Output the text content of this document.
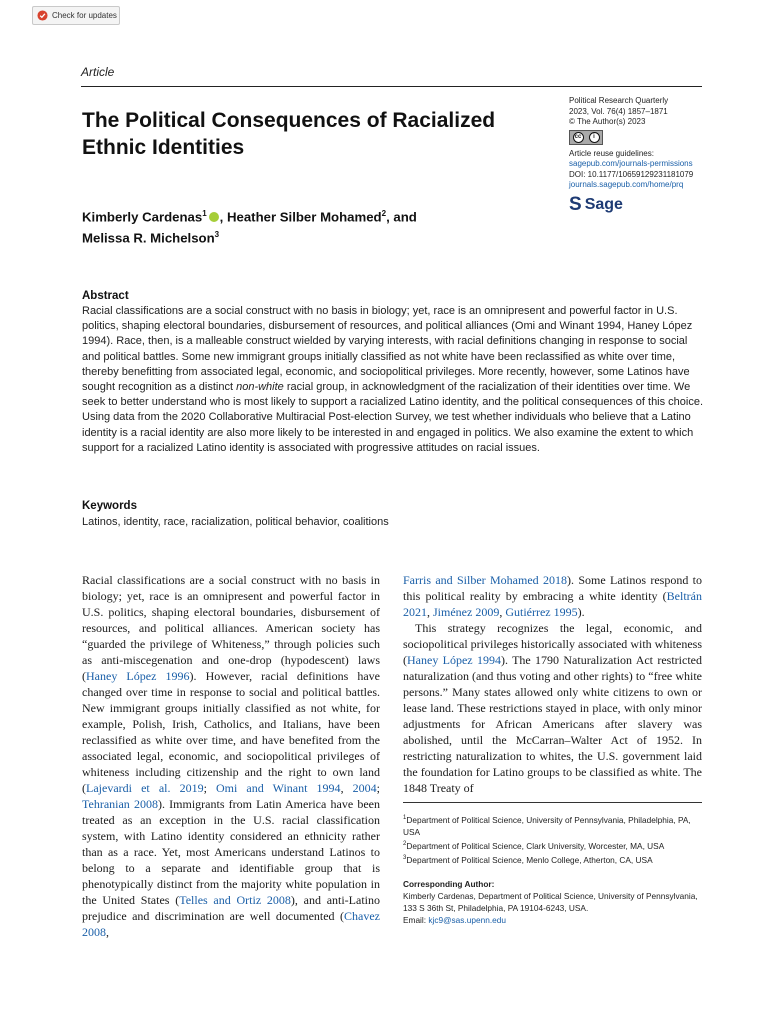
Check for updates
Article
The Political Consequences of Racialized
Ethnic Identities
Kimberly Cardenas$^1$ , Heather Silber Mohamed$^2$, and
Melissa R. Michelson$^3$
Political Research Quarterly
2023, Vol. 76(4) 1857–1871
© The Author(s) 2023
cc	i
Article reuse guidelines:
sagepub.com/journals-permissions
DOI: 10.1177/10659129231181079
journals.sagepub.com/home/prq
S Sage
Abstract
Racial classifications are a social construct with no basis in biology; yet, race is an omnipresent and powerful factor in U.S. politics, shaping electoral boundaries, disbursement of resources, and political alliances (Omi and Winant 1994, Haney López 1994). Race, then, is a malleable construct wielded by varying interests, with racial definitions changing in response to social and political battles. Some new immigrant groups initially classified as not white have been reclassified as white over time, thereby benefitting from associated legal, economic, and sociopolitical privileges. More recently, however, some Latinos have sought recognition as a distinct non-white racial group, in acknowledgment of the racialization of their identities over time. We seek to better understand who is most likely to support a racialized Latino identity, and the political consequences of this choice. Using data from the 2020 Collaborative Multiracial Post-election Survey, we test whether individuals who believe that a Latino identity is a racial identity are also more likely to be interested in and engaged in politics. We also examine the extent to which support for a racialized Latino identity is associated with progressive attitudes on racial issues.
Keywords
Latinos, identity, race, racialization, political behavior, coalitions
Racial classifications are a social construct with no basis in biology; yet, race is an omnipresent and powerful factor in U.S. politics, shaping electoral boundaries, disbursement of resources, and political alliances. American society has “guarded the privilege of Whiteness,” through policies such as anti-miscegenation and one-drop (hypodescent) laws (Haney López 1996). However, racial definitions have changed over time in response to social and political battles. New immigrant groups initially classified as not white, for example, Polish, Irish, Catholics, and Italians, have been reclassified as white over time, and have benefited from the associated legal, economic, and sociopolitical privileges of whiteness including citizenship and the right to own land (Lajevardi et al. 2019; Omi and Winant 1994, 2004; Tehranian 2008). Immigrants from Latin America have been treated as an exception in the U.S. racial classification system, with Latino identity considered an ethnicity rather than as a race. Yet, most Americans understand Latinos to belong to a separate and identifiable group that is phenotypically distinct from the majority white population in the United States (Telles and Ortiz 2008), and anti-Latino prejudice and discrimination are well documented (Chavez 2008,
Farris and Silber Mohamed 2018). Some Latinos respond to this political reality by embracing a white identity (Beltrán 2021, Jiménez 2009, Gutiérrez 1995).
This strategy recognizes the legal, economic, and sociopolitical privileges historically associated with whiteness (Haney López 1994). The 1790 Naturalization Act restricted naturalization (and thus voting and other rights) to “free white persons.” Many states allowed only white citizens to own or lease land. These restrictions stayed in place, with only minor adjustments for African Americans after slavery was abolished, until the McCarran–Walter Act of 1952. In restricting naturalization to whites, the U.S. government laid the foundation for Latino groups to be classified as white. The 1848 Treaty of
$^1$Department of Political Science, University of Pennsylvania, Philadelphia, PA, USA
$^2$Department of Political Science, Clark University, Worcester, MA, USA
$^3$Department of Political Science, Menlo College, Atherton, CA, USA
Corresponding Author:
Kimberly Cardenas, Department of Political Science, University of Pennsylvania, 133 S 36th St, Philadelphia, PA 19104-6243, USA.
Email: kjc9@sas.upenn.edu
